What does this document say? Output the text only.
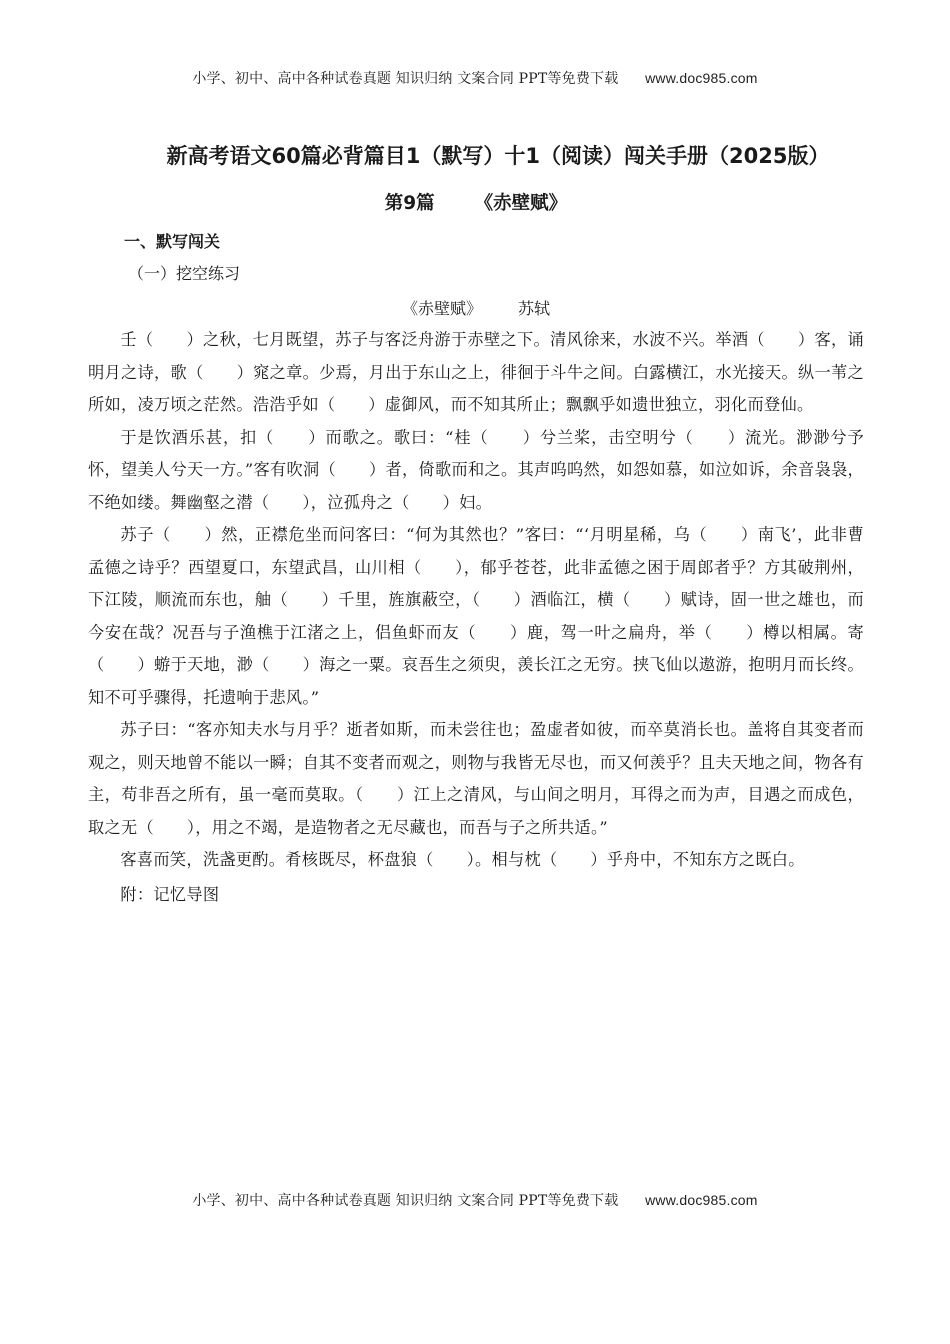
小学、初中、高中各种试卷真题 知识归纳 文案合同 PPT等免费下载 www.doc985.com
新高考语文60篇必背篇目1（默写）十1（阅读）闯关手册（2025版）
第9篇 《赤壁赋》
一、默写闯关
（一）挖空练习
《赤壁赋》 苏轼

壬（　　）之秋，七月既望，苏子与客泛舟游于赤壁之下。清风徐来，水波不兴。举酒（　　）客，诵明月之诗，歌（　　）窕之章。少焉，月出于东山之上，徘徊于斗牛之间。白露横江，水光接天。纵一苇之所如，凌万顷之茫然。浩浩乎如（　　）虚御风，而不知其所止；飘飘乎如遗世独立，羽化而登仙。

于是饮酒乐甚，扣（　　）而歌之。歌曰：“桂（　　）兮兰桨，击空明兮（　　）流光。渺渺兮予怀，望美人兮天一方。”客有吹洞（　　）者，倚歌而和之。其声呜呜然，如怨如慕，如泣如诉，余音袅袅，不绝如缕。舞幽壑之潜（　　），泣孤舟之（　　）妇。

苏子（　　）然，正襟危坐而问客曰：“何为其然也？”客曰：“‘月明星稀，乌（　　）南飞’，此非曹孟德之诗乎？西望夏口，东望武昌，山川相（　　），郁乎苍苍，此非孟德之困于周郎者乎？方其破荆州，下江陵，顺流而东也，舳（　　）千里，旌旗蔽空，（　　）酒临江，横（　　）赋诗，固一世之雄也，而今安在哉？况吾与子渔樵于江渚之上，侣鱼虾而友（　　）鹿，驾一叶之扁舟，举（　　）樽以相属。寄（　　）蝣于天地，渺（　　）海之一粟。哀吾生之须臾，羡长江之无穷。挟飞仙以遨游，抱明月而长终。知不可乎骤得，托遗响于悲风。”

苏子曰：“客亦知夫水与月乎？逝者如斯，而未尝往也；盈虚者如彼，而卒莫消长也。盖将自其变者而观之，则天地曾不能以一瞬；自其不变者而观之，则物与我皆无尽也，而又何羡乎？且夫天地之间，物各有主，苟非吾之所有，虽一毫而莫取。（　　）江上之清风，与山间之明月，耳得之而为声，目遇之而成色，取之无（　　），用之不竭，是造物者之无尽藏也，而吾与子之所共适。”

客喜而笑，洗盏更酌。肴核既尽，杯盘狼（　　）。相与枕（　　）乎舟中，不知东方之既白。

附：记忆导图

小学、初中、高中各种试卷真题 知识归纳 文案合同 PPT等免费下载 www.doc985.com
